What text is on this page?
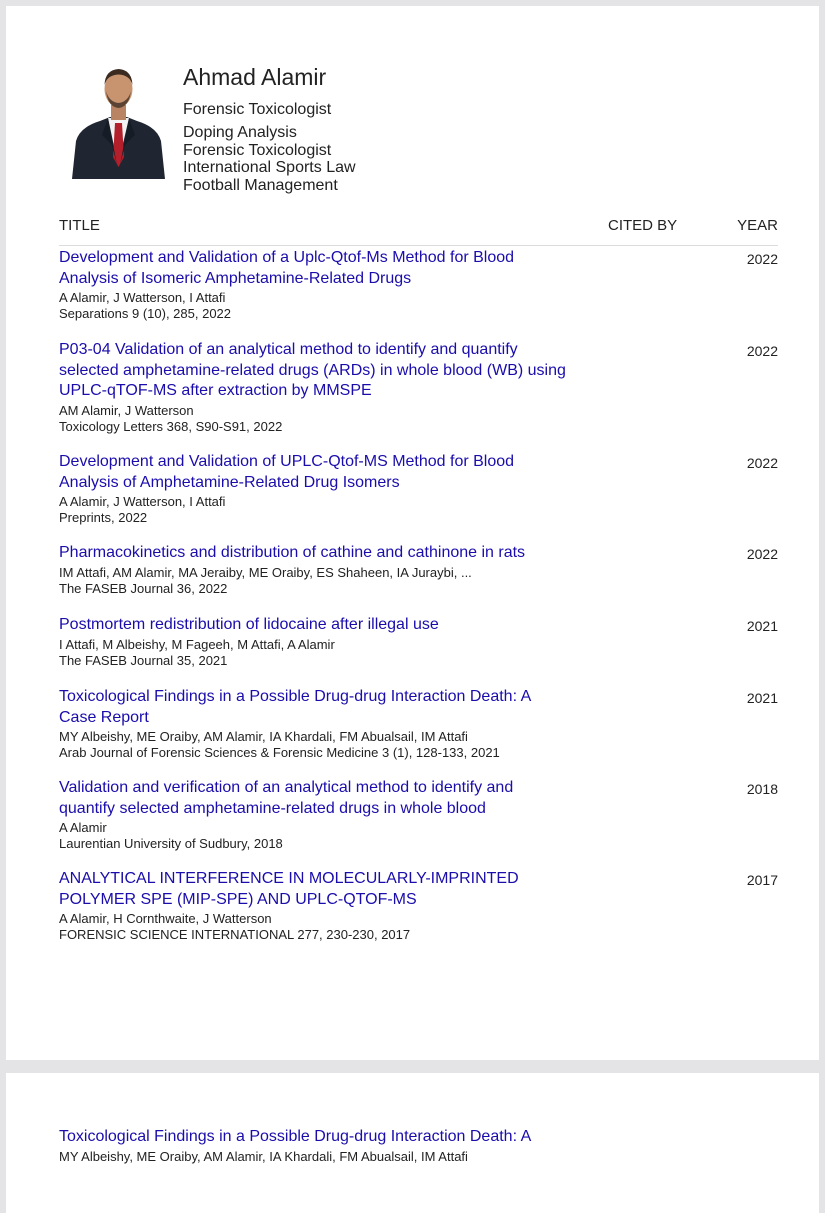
Ahmad Alamir
Forensic Toxicologist
Doping Analysis
Forensic Toxicologist
International Sports Law
Football Management
TITLE	CITED BY	YEAR
Development and Validation of a Uplc-Qtof-Ms Method for Blood Analysis of Isomeric Amphetamine-Related Drugs
A Alamir, J Watterson, I Attafi
Separations 9 (10), 285, 2022
2022
P03-04 Validation of an analytical method to identify and quantify selected amphetamine-related drugs (ARDs) in whole blood (WB) using UPLC-qTOF-MS after extraction by MMSPE
AM Alamir, J Watterson
Toxicology Letters 368, S90-S91, 2022
2022
Development and Validation of UPLC-Qtof-MS Method for Blood Analysis of Amphetamine-Related Drug Isomers
A Alamir, J Watterson, I Attafi
Preprints, 2022
2022
Pharmacokinetics and distribution of cathine and cathinone in rats
IM Attafi, AM Alamir, MA Jeraiby, ME Oraiby, ES Shaheen, IA Juraybi, ...
The FASEB Journal 36, 2022
2022
Postmortem redistribution of lidocaine after illegal use
I Attafi, M Albeishy, M Fageeh, M Attafi, A Alamir
The FASEB Journal 35, 2021
2021
Toxicological Findings in a Possible Drug-drug Interaction Death: A Case Report
MY Albeishy, ME Oraiby, AM Alamir, IA Khardali, FM Abualsail, IM Attafi
Arab Journal of Forensic Sciences & Forensic Medicine 3 (1), 128-133, 2021
2021
Validation and verification of an analytical method to identify and quantify selected amphetamine-related drugs in whole blood
A Alamir
Laurentian University of Sudbury, 2018
2018
ANALYTICAL INTERFERENCE IN MOLECULARLY-IMPRINTED POLYMER SPE (MIP-SPE) AND UPLC-QTOF-MS
A Alamir, H Cornthwaite, J Watterson
FORENSIC SCIENCE INTERNATIONAL 277, 230-230, 2017
2017
Toxicological Findings in a Possible Drug-drug Interaction Death: A
MY Albeishy, ME Oraiby, AM Alamir, IA Khardali, FM Abualsail, IM Attafi
